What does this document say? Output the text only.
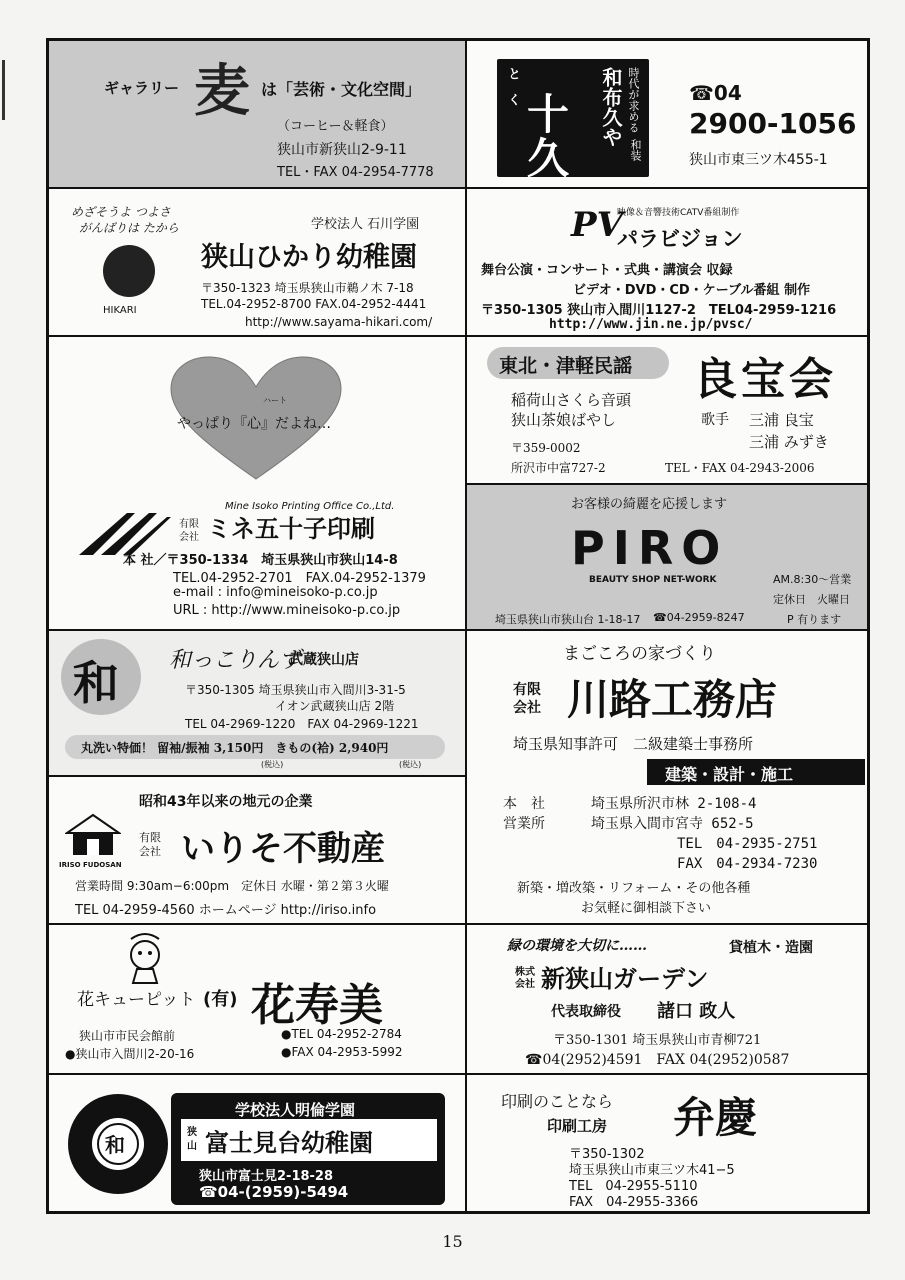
ギャラリー 麦 は「芸術・文化空間」
（コーヒー＆軽食）
狭山市新狭山2-9-11
TEL・FAX 04-2954-7778
と　く
十久
時代が求める
和布久や
和装
☎04
2900-1056
狭山市東三ツ木455-1
めざそうよ つよさ
がんばりは たから
HIKARI
学校法人 石川学園
狭山ひかり幼稚園
〒350-1323 埼玉県狭山市鵜ノ木 7-18
TEL.04-2952-8700 FAX.04-2952-4441
http://www.sayama-hikari.com/
PV
映像＆音響技術CATV番組制作
パラビジョン
舞台公演・コンサート・式典・講演会 収録
ビデオ・DVD・CD・ケーブル番組 制作
〒350-1305 狭山市入間川1127-2　TEL04-2959-1216
http://www.jin.ne.jp/pvsc/
ハート
やっぱり『心』だよね…
Mine Isoko Printing Office Co.,Ltd.
有限
会社 ミネ五十子印刷
本 社／〒350-1334　埼玉県狭山市狭山14-8
TEL.04-2952-2701　FAX.04-2952-1379
e-mail : info@mineisoko-p.co.jp
URL : http://www.mineisoko-p.co.jp
東北・津軽民謡 良宝会
稲荷山さくら音頭
狭山茶娘ばやし	歌手 三浦 良宝
三浦 みずき
〒359-0002
所沢市中富727-2	TEL・FAX 04-2943-2006
お客様の綺麗を応援します
PIRO
BEAUTY SHOP NET-WORK	AM.8:30～営業
定休日　火曜日
P 有ります
埼玉県狭山市狭山台 1-18-17 ☎04-2959-8247
和 和っこりんず
武蔵狭山店
〒350-1305 埼玉県狭山市入間川3-31-5
イオン武蔵狭山店 2階
TEL 04-2969-1220　FAX 04-2969-1221
丸洗い特価！ 留袖/振袖 3,150円　きもの(袷) 2,940円
(税込)	(税込)
まごころの家づくり
有限
会社 川路工務店
埼玉県知事許可　二級建築士事務所
建築・設計・施工
本　社	埼玉県所沢市林 2-108-4
営業所	埼玉県入間市宮寺 652-5
TEL　04-2935-2751
FAX　04-2934-7230
新築・増改築・リフォーム・その他各種
お気軽に御相談下さい
昭和43年以来の地元の企業
IRISO FUDOSAN
有限
会社 いりそ不動産
営業時間 9:30am−6:00pm　定休日 水曜・第２第３火曜
TEL 04-2959-4560 ホームページ http://iriso.info
花キューピット (有) 花寿美
狭山市市民会館前
●狭山市入間川2-20-16
●TEL 04-2952-2784
●FAX 04-2953-5992
緑の環境を大切に……	貸植木・造園
株式
会社 新狭山ガーデン
代表取締役 諸口 政人
〒350-1301 埼玉県狭山市青柳721
☎04(2952)4591　FAX 04(2952)0587
和
学校法人明倫学園
狭
山 富士見台幼稚園
狭山市富士見2-18-28
☎04-(2959)-5494
印刷のことなら
印刷工房 弁慶
〒350-1302
埼玉県狭山市東三ツ木41−5
TEL　04-2955-5110
FAX　04-2955-3366
15
